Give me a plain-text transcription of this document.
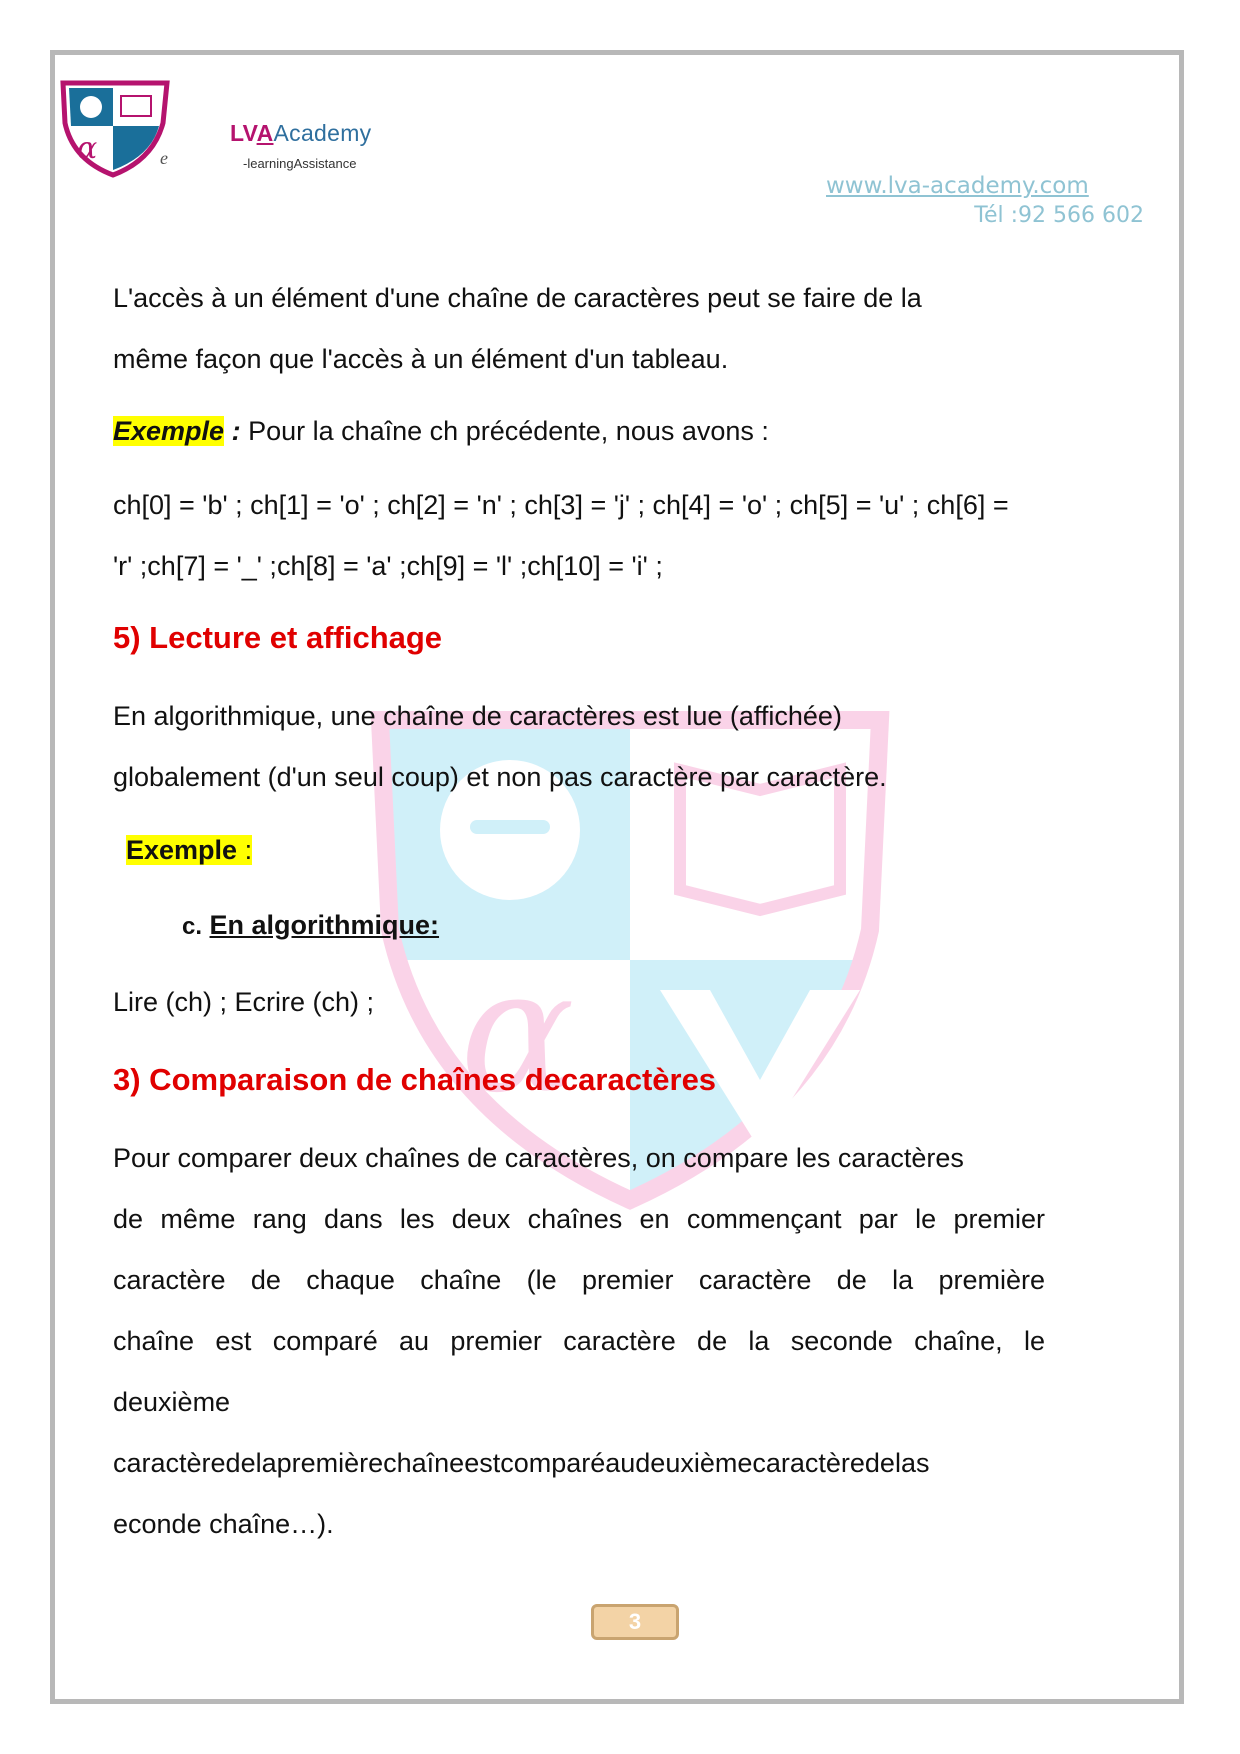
α
α	e
LVAAcademy
-learningAssistance
www.lva-academy.com
Tél :92 566 602
L'accès à un élément d'une chaîne de caractères peut se faire de la
même façon que l'accès à un élément d'un tableau.
Exemple : Pour la chaîne ch précédente, nous avons :
ch[0] = 'b' ; ch[1] = 'o' ; ch[2] = 'n' ; ch[3] = 'j' ; ch[4] = 'o' ; ch[5] = 'u' ; ch[6] =
'r' ;ch[7] = '_' ;ch[8] = 'a' ;ch[9] = 'l' ;ch[10] = 'i' ;
5) Lecture et affichage
En algorithmique, une chaîne de caractères est lue (affichée)
globalement (d'un seul coup) et non pas caractère par caractère.
Exemple :
c. En algorithmique:
Lire (ch) ; Ecrire (ch) ;
3) Comparaison de chaînes decaractères
Pour comparer deux chaînes de caractères, on compare les caractères
de même rang dans les deux chaînes en commençant par le premier
caractère de chaque chaîne (le premier caractère de la première
chaîne est comparé au premier caractère de la seconde chaîne, le
deuxième
caractèredelapremièrechaîneestcomparéaudeuxièmecaractèredelas
econde chaîne…).
3
